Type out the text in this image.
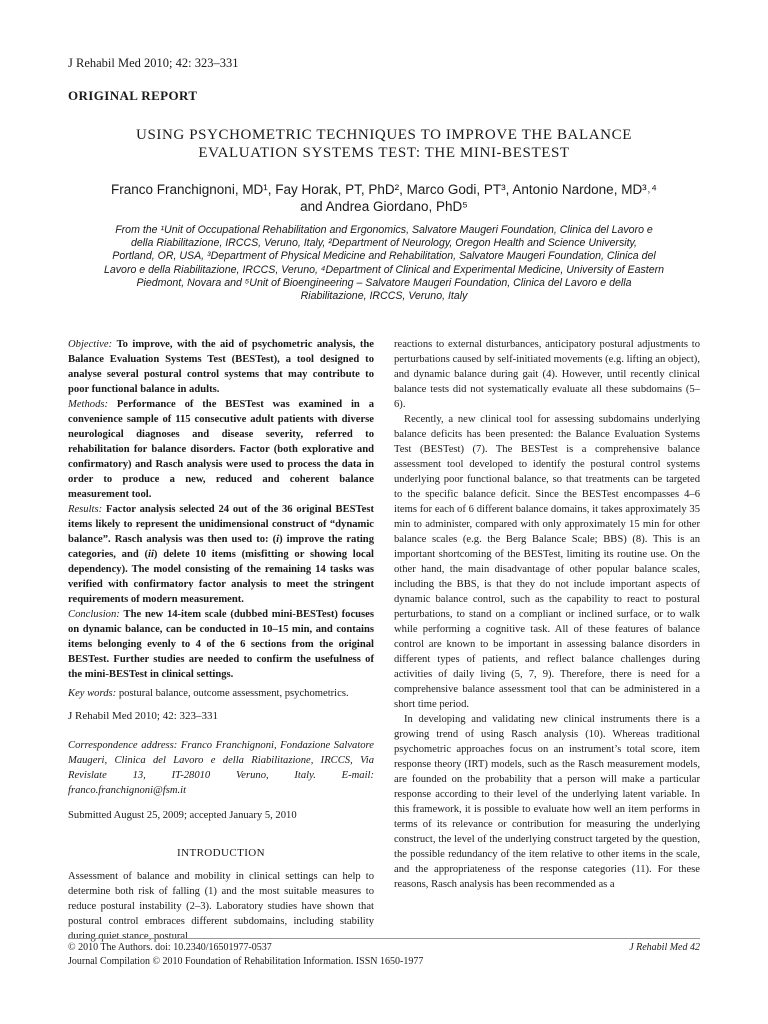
J Rehabil Med 2010; 42: 323–331
ORIGINAL REPORT
USING PSYCHOMETRIC TECHNIQUES TO IMPROVE THE BALANCE
EVALUATION SYSTEMS TEST: THE MINI-BESTEST
Franco Franchignoni, MD¹, Fay Horak, PT, PhD², Marco Godi, PT³, Antonio Nardone, MD³˒⁴
and Andrea Giordano, PhD⁵
From the ¹Unit of Occupational Rehabilitation and Ergonomics, Salvatore Maugeri Foundation, Clinica del Lavoro e
della Riabilitazione, IRCCS, Veruno, Italy, ²Department of Neurology, Oregon Health and Science University,
Portland, OR, USA, ³Department of Physical Medicine and Rehabilitation, Salvatore Maugeri Foundation, Clinica del
Lavoro e della Riabilitazione, IRCCS, Veruno, ⁴Department of Clinical and Experimental Medicine, University of Eastern
Piedmont, Novara and ⁵Unit of Bioengineering – Salvatore Maugeri Foundation, Clinica del Lavoro e della
Riabilitazione, IRCCS, Veruno, Italy
Objective: To improve, with the aid of psychometric analysis, the Balance Evaluation Systems Test (BESTest), a tool designed to analyse several postural control systems that may contribute to poor functional balance in adults.
Methods: Performance of the BESTest was examined in a convenience sample of 115 consecutive adult patients with diverse neurological diagnoses and disease severity, referred to rehabilitation for balance disorders. Factor (both explorative and confirmatory) and Rasch analysis were used to process the data in order to produce a new, reduced and coherent balance measurement tool.
Results: Factor analysis selected 24 out of the 36 original BESTest items likely to represent the unidimensional construct of “dynamic balance”. Rasch analysis was then used to: (i) improve the rating categories, and (ii) delete 10 items (misfitting or showing local dependency). The model consisting of the remaining 14 tasks was verified with confirmatory factor analysis to meet the stringent requirements of modern measurement.
Conclusion: The new 14-item scale (dubbed mini-BESTest) focuses on dynamic balance, can be conducted in 10–15 min, and contains items belonging evenly to 4 of the 6 sections from the original BESTest. Further studies are needed to confirm the usefulness of the mini-BESTest in clinical settings.
Key words: postural balance, outcome assessment, psychometrics.
J Rehabil Med 2010; 42: 323–331
Correspondence address: Franco Franchignoni, Fondazione Salvatore Maugeri, Clinica del Lavoro e della Riabilitazione, IRCCS, Via Revislate 13, IT-28010 Veruno, Italy. E-mail: franco.franchignoni@fsm.it
Submitted August 25, 2009; accepted January 5, 2010
INTRODUCTION
Assessment of balance and mobility in clinical settings can help to determine both risk of falling (1) and the most suitable measures to reduce postural instability (2–3). Laboratory studies have shown that postural control embraces different subdomains, including stability during quiet stance, postural

reactions to external disturbances, anticipatory postural adjustments to perturbations caused by self-initiated movements (e.g. lifting an object), and dynamic balance during gait (4). However, until recently clinical balance tests did not systematically evaluate all these subdomains (5–6).

Recently, a new clinical tool for assessing subdomains underlying balance deficits has been presented: the Balance Evaluation Systems Test (BESTest) (7). The BESTest is a comprehensive balance assessment tool developed to identify the postural control systems underlying poor functional balance, so that treatments can be targeted to the specific balance deficit. Since the BESTest encompasses 4–6 items for each of 6 different balance domains, it takes approximately 35 min to administer, compared with only approximately 15 min for other balance scales (e.g. the Berg Balance Scale; BBS) (8). This is an important shortcoming of the BESTest, limiting its routine use. On the other hand, the main disadvantage of other popular balance scales, including the BBS, is that they do not include important aspects of dynamic balance control, such as the capability to react to postural perturbations, to stand on a compliant or inclined surface, or to walk while performing a cognitive task. All of these features of balance control are known to be important in assessing balance disorders in different types of patients, and reflect balance challenges during activities of daily living (5, 7, 9). Therefore, there is need for a comprehensive balance assessment tool that can be administered in a short time period.

In developing and validating new clinical instruments there is a growing trend of using Rasch analysis (10). Whereas traditional psychometric approaches focus on an instrument’s total score, item response theory (IRT) models, such as the Rasch measurement models, are founded on the probability that a person will make a particular response according to their level of the underlying latent variable. In this framework, it is possible to evaluate how well an item performs in terms of its relevance or contribution for measuring the underlying construct, the level of the underlying construct targeted by the question, the possible redundancy of the item relative to other items in the scale, and the appropriateness of the response categories (11). For these reasons, Rasch analysis has been recommended as a

© 2010 The Authors. doi: 10.2340/16501977-0537	J Rehabil Med 42
Journal Compilation © 2010 Foundation of Rehabilitation Information. ISSN 1650-1977
